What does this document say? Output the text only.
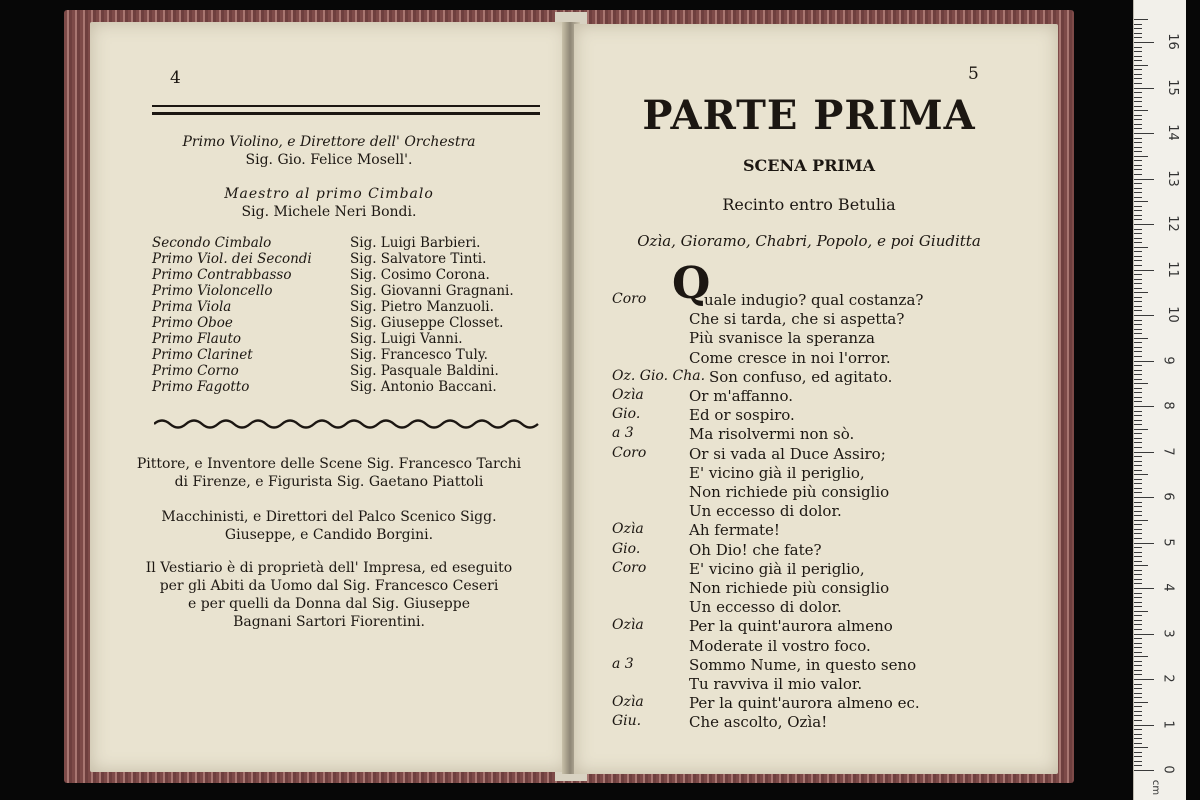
4
Primo Violino, e Direttore dell' Orchestra
Sig. Gio. Felice Mosell'.
Maestro al primo Cimbalo
Sig. Michele Neri Bondi.
Secondo Cimbalo	Sig. Luigi Barbieri.
Primo Viol. dei Secondi	Sig. Salvatore Tinti.
Primo Contrabbasso	Sig. Cosimo Corona.
Primo Violoncello	Sig. Giovanni Gragnani.
Prima Viola	Sig. Pietro Manzuoli.
Primo Oboe	Sig. Giuseppe Closset.
Primo Flauto	Sig. Luigi Vanni.
Primo Clarinet	Sig. Francesco Tuly.
Primo Corno	Sig. Pasquale Baldini.
Primo Fagotto	Sig. Antonio Baccani.
Pittore, e Inventore delle Scene Sig. Francesco Tarchi
di Firenze, e Figurista Sig. Gaetano Piattoli
Macchinisti, e Direttori del Palco Scenico Sigg.
Giuseppe, e Candido Borgini.
Il Vestiario è di proprietà dell' Impresa, ed eseguito
per gli Abiti da Uomo dal Sig. Francesco Ceseri
e per quelli da Donna dal Sig. Giuseppe
Bagnani Sartori Fiorentini.
5
PARTE PRIMA
SCENA PRIMA
Recinto entro Betulia
Ozìa, Gioramo, Chabri, Popolo, e poi Giuditta
Q
Coro	uale indugio? qual costanza?
Che si tarda, che si aspetta?
Più svanisce la speranza
Come cresce in noi l'orror.
Oz. Gio. Cha. Son confuso, ed agitato.
Ozìa	Or m'affanno.
Gio.	Ed or sospiro.
a 3	Ma risolvermi non sò.
Coro	Or si vada al Duce Assiro;
E' vicino già il periglio,
Non richiede più consiglio
Un eccesso di dolor.
Ozìa	Ah fermate!
Gio.	Oh Dio! che fate?
Coro	E' vicino già il periglio,
Non richiede più consiglio
Un eccesso di dolor.
Ozìa	Per la quint'aurora almeno
Moderate il vostro foco.
a 3	Sommo Nume, in questo seno
Tu ravviva il mio valor.
Ozìa	Per la quint'aurora almeno ec.
Giu.	Che ascolto, Ozìa!
0
1
2
3
4
5
6
7
8
9
10
11
12
13
14
15
16
cm
